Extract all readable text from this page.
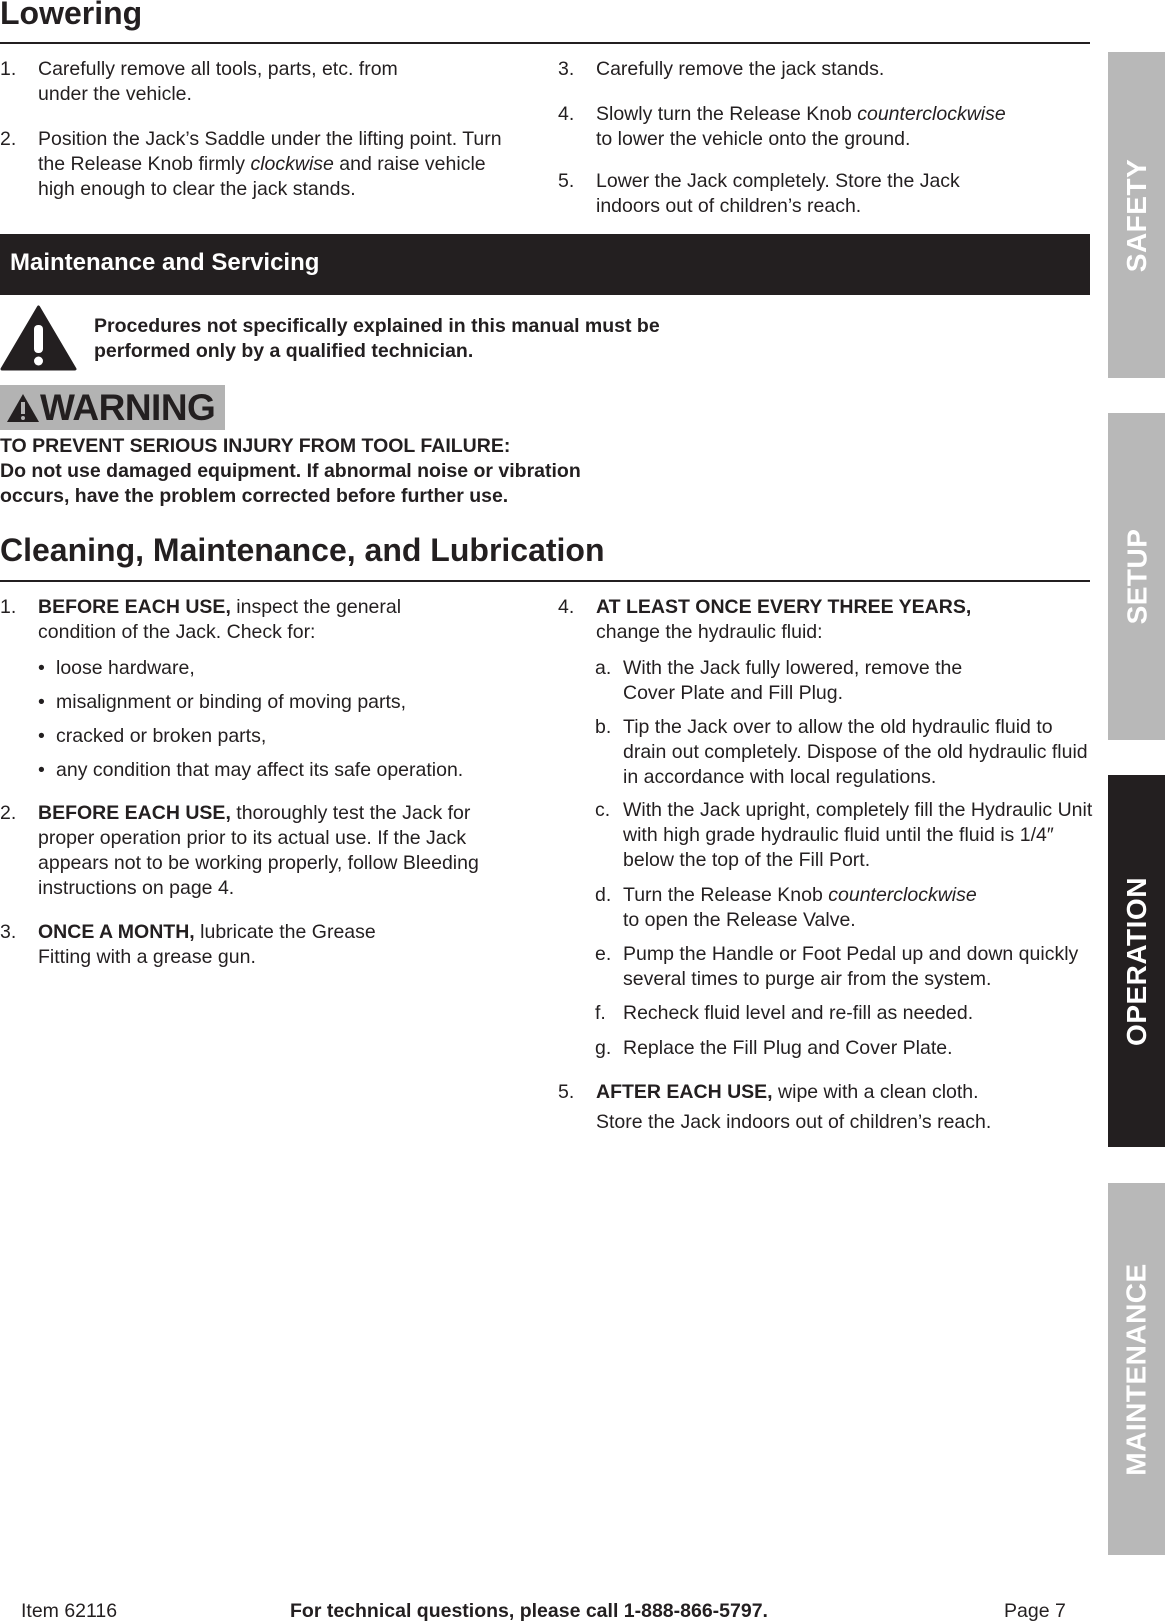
Lowering
1. Carefully remove all tools, parts, etc. from under the vehicle.
2. Position the Jack’s Saddle under the lifting point. Turn the Release Knob firmly clockwise and raise vehicle high enough to clear the jack stands.
3. Carefully remove the jack stands.
4. Slowly turn the Release Knob counterclockwise
to lower the vehicle onto the ground.
5. Lower the Jack completely. Store the Jack indoors out of children’s reach.
Maintenance and Servicing
Procedures not specifically explained in this manual must be performed only by a qualified technician.
WARNING
TO PREVENT SERIOUS INJURY FROM TOOL FAILURE:
Do not use damaged equipment. If abnormal noise or vibration occurs, have the problem corrected before further use.
Cleaning, Maintenance, and Lubrication
1. BEFORE EACH USE, inspect the general condition of the Jack. Check for:
• loose hardware,
• misalignment or binding of moving parts,
• cracked or broken parts,
• any condition that may affect its safe operation.
2. BEFORE EACH USE, thoroughly test the Jack for proper operation prior to its actual use. If the Jack appears not to be working properly, follow Bleeding instructions on page 4.
3. ONCE A MONTH, lubricate the Grease Fitting with a grease gun.
4. AT LEAST ONCE EVERY THREE YEARS,
change the hydraulic fluid:
a. With the Jack fully lowered, remove the Cover Plate and Fill Plug.
b. Tip the Jack over to allow the old hydraulic fluid to drain out completely. Dispose of the old hydraulic fluid in accordance with local regulations.
c. With the Jack upright, completely fill the Hydraulic Unit with high grade hydraulic fluid until the fluid is 1/4″ below the top of the Fill Port.
d. Turn the Release Knob counterclockwise
to open the Release Valve.
e. Pump the Handle or Foot Pedal up and down quickly several times to purge air from the system.
f. Recheck fluid level and re-fill as needed.
g. Replace the Fill Plug and Cover Plate.
5. AFTER EACH USE, wipe with a clean cloth.
Store the Jack indoors out of children’s reach.
SAFETY
SETUP
OPERATION
MAINTENANCE
Item 62116	For technical questions, please call 1-888-866-5797.	Page 7
